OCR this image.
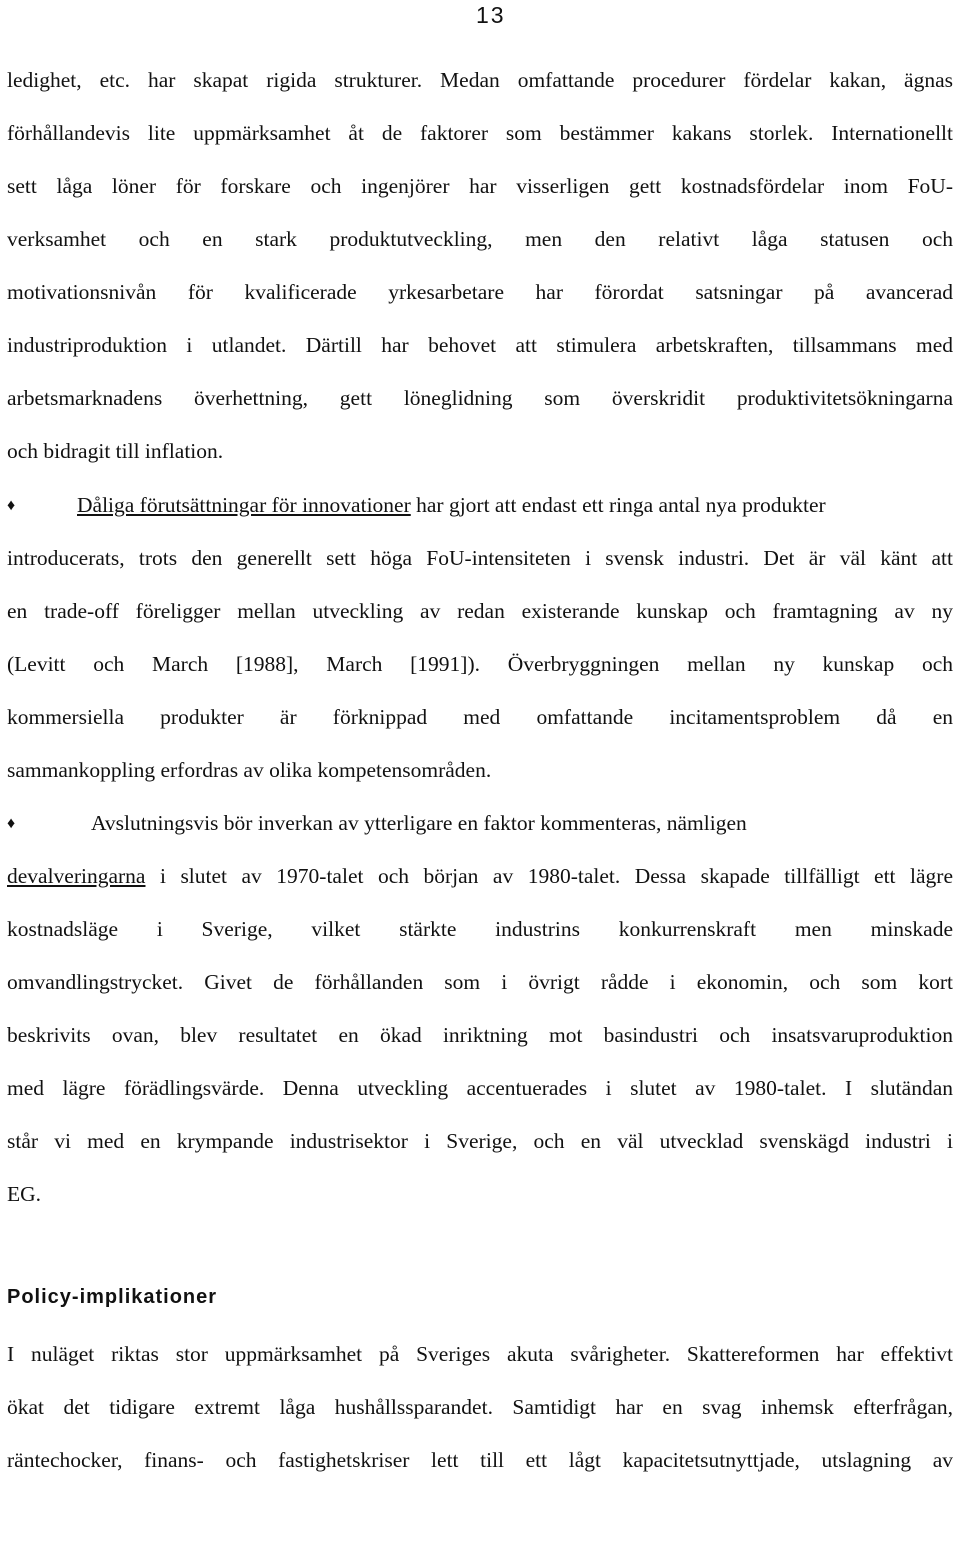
13
ledighet, etc. har skapat rigida strukturer. Medan omfattande procedurer fördelar kakan, ägnas
förhållandevis lite uppmärksamhet åt de faktorer som bestämmer kakans storlek. Internationellt
sett låga löner för forskare och ingenjörer har visserligen gett kostnadsfördelar inom FoU-
verksamhet och en stark produktutveckling, men den relativt låga statusen och
motivationsnivån för kvalificerade yrkesarbetare har förordat satsningar på avancerad
industriproduktion i utlandet. Därtill har behovet att stimulera arbetskraften, tillsammans med
arbetsmarknadens överhettning, gett löneglidning som överskridit produktivitetsökningarna
och bidragit till inflation.
♦	Dåliga förutsättningar för innovationer har gjort att endast ett ringa antal nya produkter
introducerats, trots den generellt sett höga FoU-intensiteten i svensk industri. Det är väl känt att
en trade-off föreligger mellan utveckling av redan existerande kunskap och framtagning av ny
(Levitt och March [1988], March [1991]). Överbryggningen mellan ny kunskap och
kommersiella produkter är förknippad med omfattande incitamentsproblem då en
sammankoppling erfordras av olika kompetensområden.
♦	Avslutningsvis bör inverkan av ytterligare en faktor kommenteras, nämligen
devalveringarna i slutet av 1970-talet och början av 1980-talet. Dessa skapade tillfälligt ett lägre
kostnadsläge i Sverige, vilket stärkte industrins konkurrenskraft men minskade
omvandlingstrycket. Givet de förhållanden som i övrigt rådde i ekonomin, och som kort
beskrivits ovan, blev resultatet en ökad inriktning mot basindustri och insatsvaruproduktion
med lägre förädlingsvärde. Denna utveckling accentuerades i slutet av 1980-talet. I slutändan
står vi med en krympande industrisektor i Sverige, och en väl utvecklad svenskägd industri i
EG.
Policy-implikationer
I nuläget riktas stor uppmärksamhet på Sveriges akuta svårigheter. Skattereformen har effektivt
ökat det tidigare extremt låga hushållssparandet. Samtidigt har en svag inhemsk efterfrågan,
räntechocker, finans- och fastighetskriser lett till ett lågt kapacitetsutnyttjade, utslagning av
